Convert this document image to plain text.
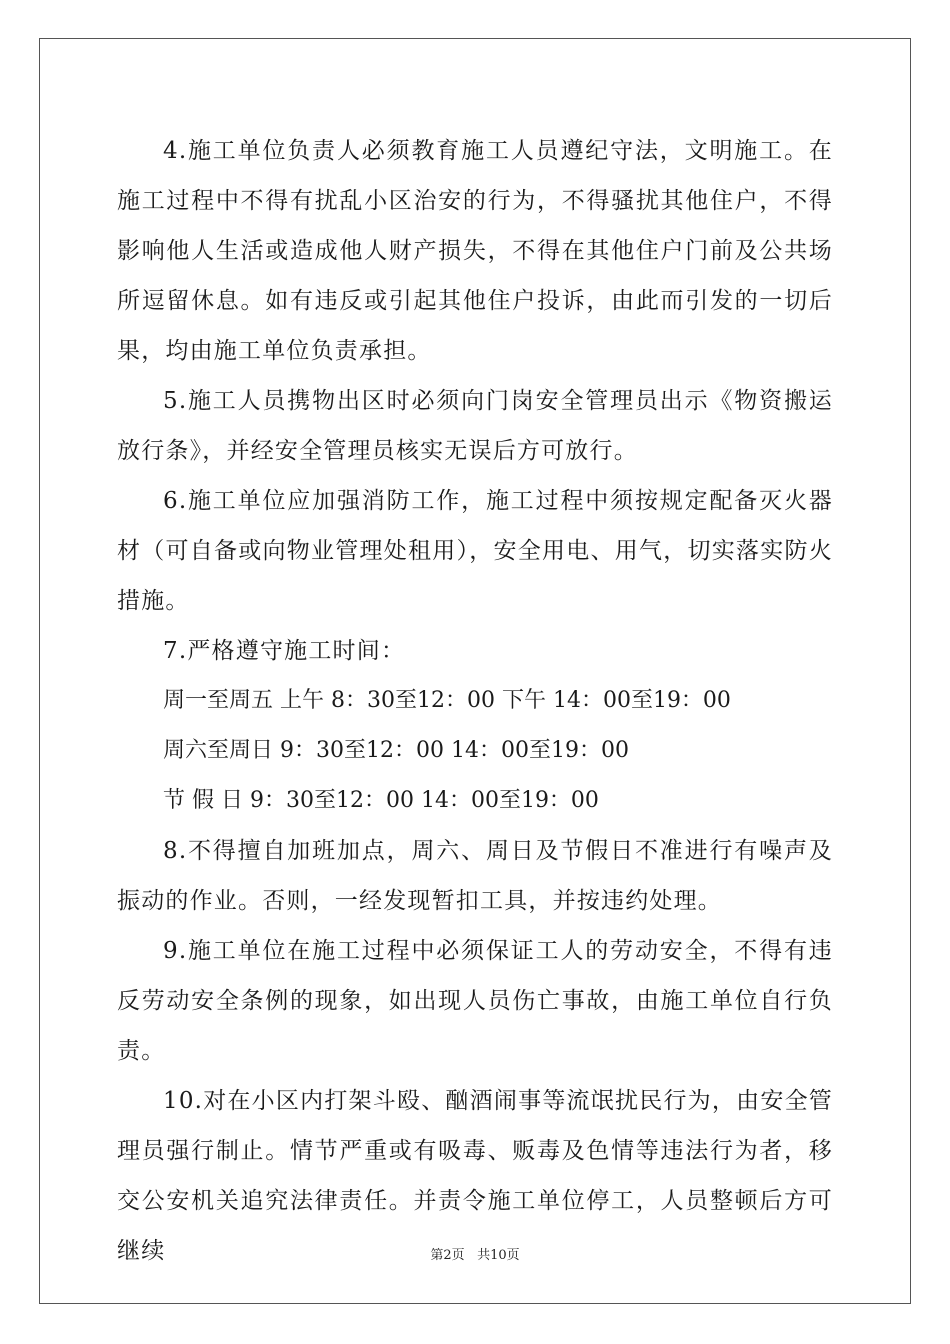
4.施工单位负责人必须教育施工人员遵纪守法，文明施工。在施工过程中不得有扰乱小区治安的行为，不得骚扰其他住户，不得影响他人生活或造成他人财产损失，不得在其他住户门前及公共场所逗留休息。如有违反或引起其他住户投诉，由此而引发的一切后果，均由施工单位负责承担。

5.施工人员携物出区时必须向门岗安全管理员出示《物资搬运放行条》，并经安全管理员核实无误后方可放行。

6.施工单位应加强消防工作，施工过程中须按规定配备灭火器材（可自备或向物业管理处租用），安全用电、用气，切实落实防火措施。

7.严格遵守施工时间：

周一至周五 上午 8：30至12：00 下午 14：00至19：00

周六至周日 9：30至12：00 14：00至19：00

节 假 日 9：30至12：00 14：00至19：00

8.不得擅自加班加点，周六、周日及节假日不准进行有噪声及振动的作业。否则，一经发现暂扣工具，并按违约处理。

9.施工单位在施工过程中必须保证工人的劳动安全，不得有违反劳动安全条例的现象，如出现人员伤亡事故，由施工单位自行负责。

10.对在小区内打架斗殴、酗酒闹事等流氓扰民行为，由安全管理员强行制止。情节严重或有吸毒、贩毒及色情等违法行为者，移交公安机关追究法律责任。并责令施工单位停工，人员整顿后方可继续	第2页 共10页
